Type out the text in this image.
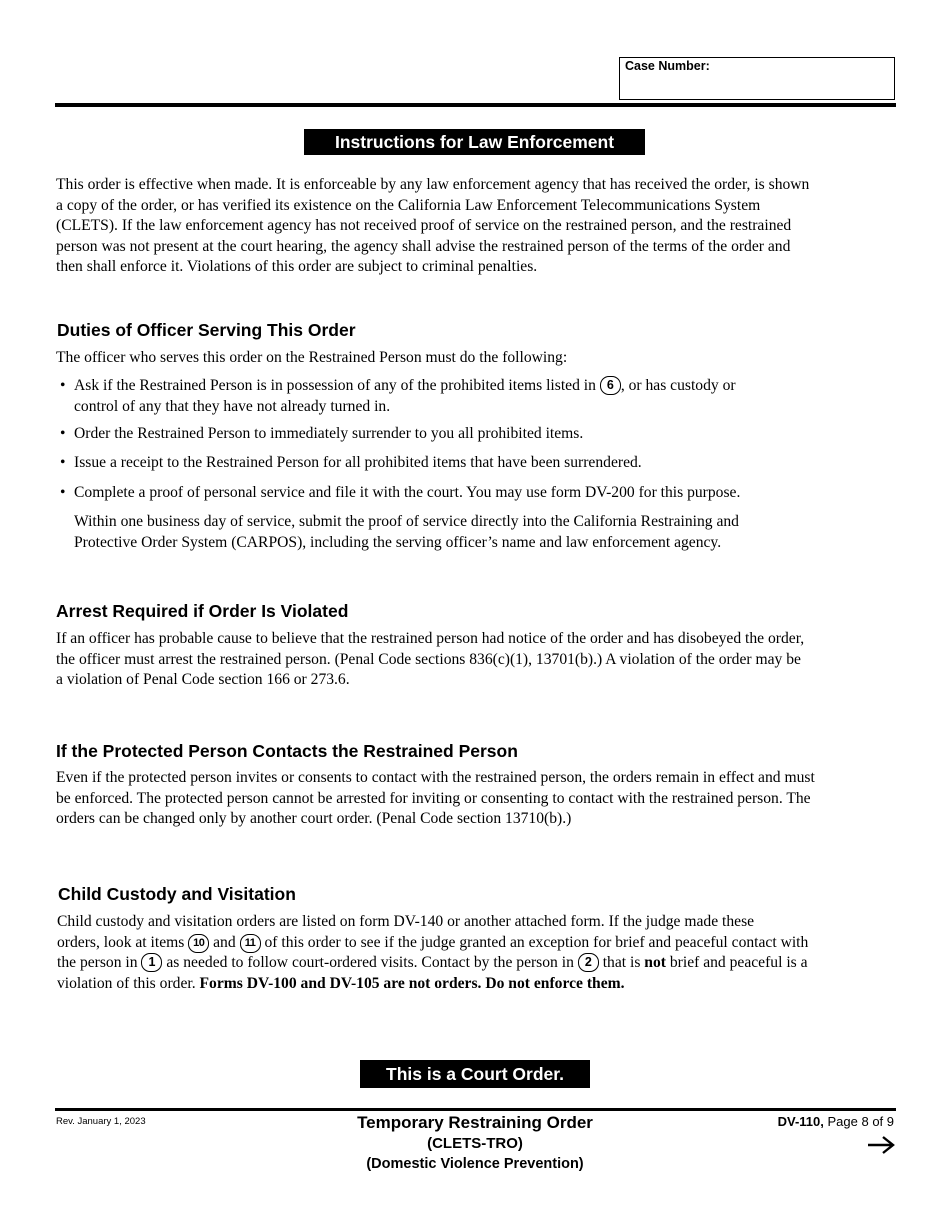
Case Number:
Instructions for Law Enforcement
This order is effective when made. It is enforceable by any law enforcement agency that has received the order, is shown
a copy of the order, or has verified its existence on the California Law Enforcement Telecommunications System
(CLETS). If the law enforcement agency has not received proof of service on the restrained person, and the restrained
person was not present at the court hearing, the agency shall advise the restrained person of the terms of the order and
then shall enforce it. Violations of this order are subject to criminal penalties.
Duties of Officer Serving This Order
The officer who serves this order on the Restrained Person must do the following:
• Ask if the Restrained Person is in possession of any of the prohibited items listed in 6 , or has custody or
control of any that they have not already turned in.
• Order the Restrained Person to immediately surrender to you all prohibited items.
• Issue a receipt to the Restrained Person for all prohibited items that have been surrendered.
• Complete a proof of personal service and file it with the court. You may use form DV-200 for this purpose.
Within one business day of service, submit the proof of service directly into the California Restraining and
Protective Order System (CARPOS), including the serving officer’s name and law enforcement agency.
Arrest Required if Order Is Violated
If an officer has probable cause to believe that the restrained person had notice of the order and has disobeyed the order,
the officer must arrest the restrained person. (Penal Code sections 836(c)(1), 13701(b).) A violation of the order may be
a violation of Penal Code section 166 or 273.6.
If the Protected Person Contacts the Restrained Person
Even if the protected person invites or consents to contact with the restrained person, the orders remain in effect and must
be enforced. The protected person cannot be arrested for inviting or consenting to contact with the restrained person. The
orders can be changed only by another court order. (Penal Code section 13710(b).)
Child Custody and Visitation
Child custody and visitation orders are listed on form DV-140 or another attached form. If the judge made these
orders, look at items 10 and 11 of this order to see if the judge granted an exception for brief and peaceful contact with
the person in 1 as needed to follow court-ordered visits. Contact by the person in 2 that is not brief and peaceful is a
violation of this order. Forms DV-100 and DV-105 are not orders. Do not enforce them.
This is a Court Order.
Rev. January 1, 2023	Temporary Restraining Order
(CLETS-TRO)
(Domestic Violence Prevention)
DV-110, Page 8 of 9
